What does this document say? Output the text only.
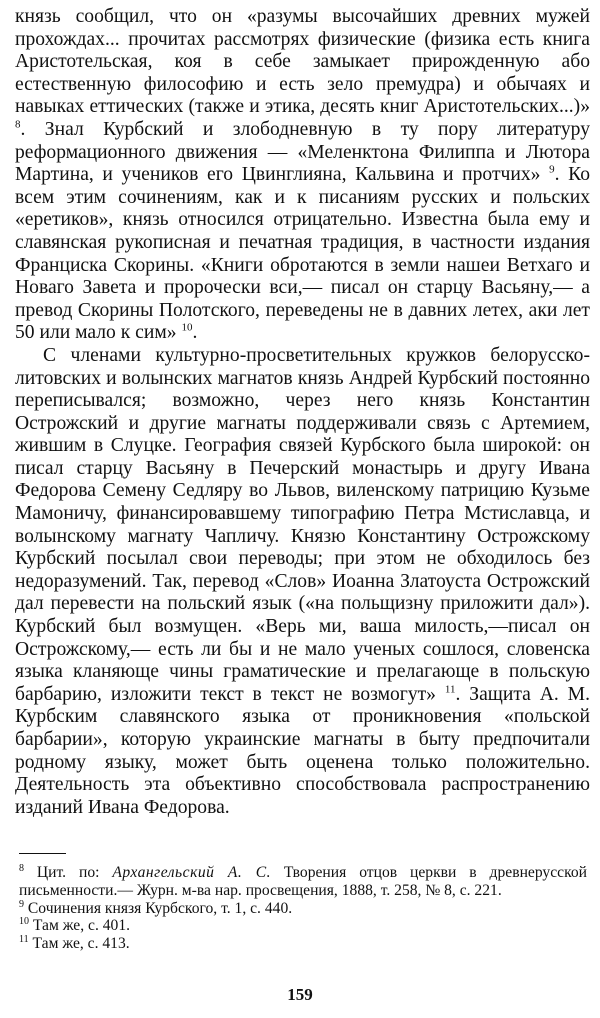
князь сообщил, что он «разумы высочайших древних мужей прохождах... прочитах рассмотрях физические (физика есть книга Аристотельская, коя в себе замыкает прирожденную або естественную философию и есть зело премудра) и обычаях и навыках еттических (также и этика, десять книг Аристотельских...)» $^8$. Знал Курбский и злободневную в ту пору литературу реформационного движения — «Меленктона Филиппа и Лютора Мартина, и учеников его Цвинглияна, Кальвина и протчих» $^9$. Ко всем этим сочинениям, как и к писаниям русских и польских «еретиков», князь относился отрицательно. Известна была ему и славянская рукописная и печатная традиция, в частности издания Франциска Скорины. «Книги обротаются в земли нашеи Ветхаго и Новаго Завета и пророчески вси,— писал он старцу Васьяну,— а превод Скорины Полотского, переведены не в давних летех, аки лет 50 или мало к сим» $^{10}$.

С членами культурно-просветительных кружков белорусско-литовских и волынских магнатов князь Андрей Курбский постоянно переписывался; возможно, через него князь Константин Острожский и другие магнаты поддерживали связь с Артемием, жившим в Слуцке. География связей Курбского была широкой: он писал старцу Васьяну в Печерский монастырь и другу Ивана Федорова Семену Седляру во Львов, виленскому патрицию Кузьме Мамоничу, финансировавшему типографию Петра Мстиславца, и волынскому магнату Чапличу. Князю Константину Острожскому Курбский посылал свои переводы; при этом не обходилось без недоразумений. Так, перевод «Слов» Иоанна Златоуста Острожский дал перевести на польский язык («на польщизну приложити дал»). Курбский был возмущен. «Верь ми, ваша милость,—писал он Острожскому,— есть ли бы и не мало ученых сошлося, словенска языка кланяюще чины граматические и прелагающе в польскую барбарию, изложити текст в текст не возмогут» $^{11}$. Защита А. М. Курбским славянского языка от проникновения «польской барбарии», которую украинские магнаты в быту предпочитали родному языку, может быть оценена только положительно. Деятельность эта объективно способствовала распространению изданий Ивана Федорова.

$^8$ Цит. по: Архангельский А. С. Творения отцов церкви в древнерусской письменности.— Журн. м-ва нар. просвещения, 1888, т. 258, № 8, с. 221.

$^9$ Сочинения князя Курбского, т. 1, с. 440.

$^{10}$ Там же, с. 401.

$^{11}$ Там же, с. 413.

159
